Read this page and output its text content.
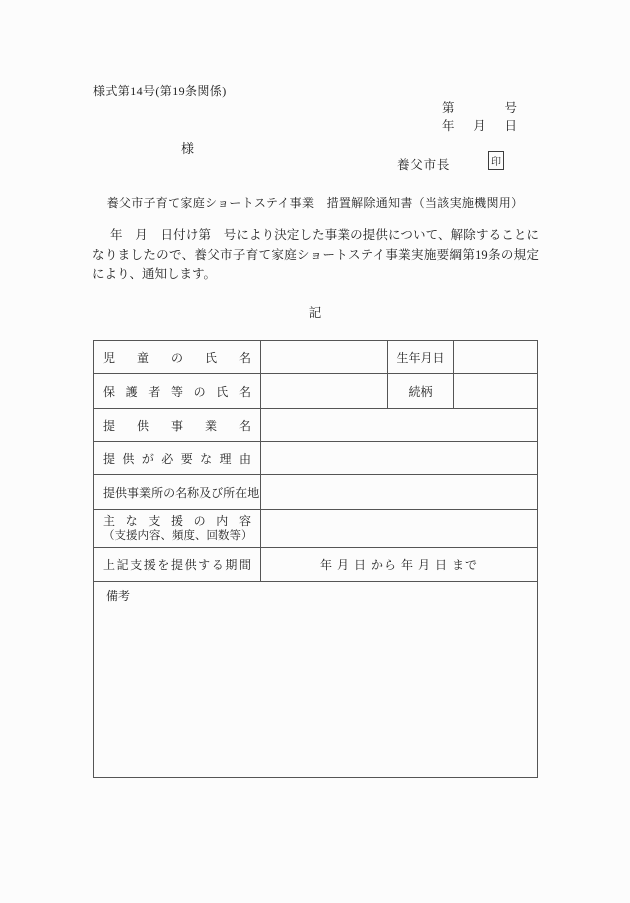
様式第14号(第19条関係)
第	号
年 月 日
様
養父市長	印
養父市子育て家庭ショートステイ事業　措置解除通知書（当該実施機関用）

年　月　日付け第　号により決定した事業の提供について、解除することになりましたので、養父市子育て家庭ショートステイ事業実施要綱第19条の規定により、通知します。

記
児 童 の 氏 名		生年月日	

保 護 者 等 の 氏 名		続柄	

提 供 事 業 名			

提 供 が 必 要 な 理 由

提 供 事 業 所 の 名 称 及 び 所 在 地

主 な 支 援 の 内 容
（支援内容、頻度、回数等）

上 記 支 援 を 提 供 す る 期 間	年 月 日 から 年 月 日 まで
備考			
